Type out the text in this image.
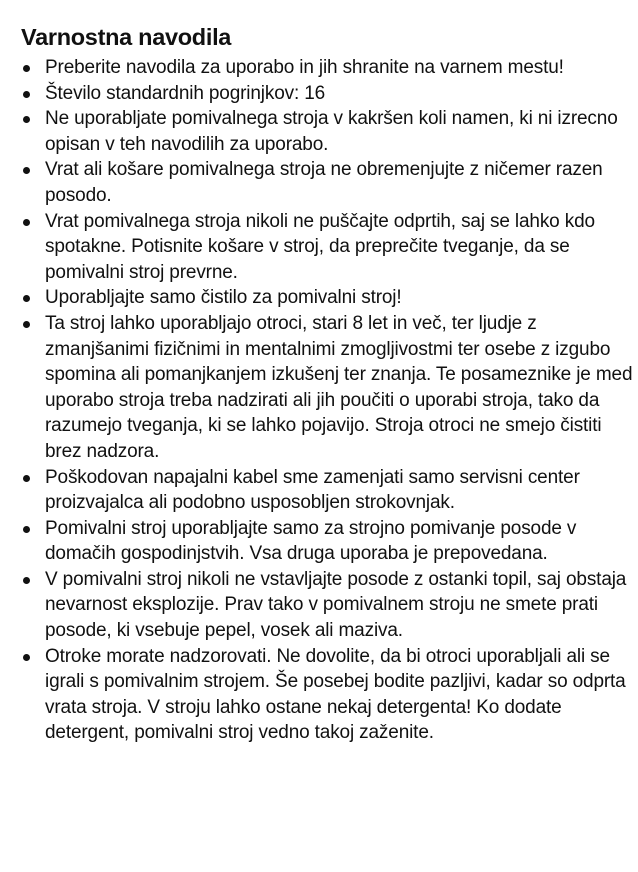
Varnostna navodila
Preberite navodila za uporabo in jih shranite na varnem mestu!
Število standardnih pogrinjkov: 16
Ne uporabljate pomivalnega stroja v kakršen koli namen, ki ni izrecno opisan v teh navodilih za uporabo.
Vrat ali košare pomivalnega stroja ne obremenjujte z ničemer razen posodo.
Vrat pomivalnega stroja nikoli ne puščajte odprtih, saj se lahko kdo spotakne. Potisnite košare v stroj, da preprečite tveganje, da se pomivalni stroj prevrne.
Uporabljajte samo čistilo za pomivalni stroj!
Ta stroj lahko uporabljajo otroci, stari 8 let in več, ter ljudje z zmanjšanimi fizičnimi in mentalnimi zmogljivostmi ter osebe z izgubo spomina ali pomanjkanjem izkušenj ter znanja. Te posameznike je med uporabo stroja treba nadzirati ali jih poučiti o uporabi stroja, tako da razumejo tveganja, ki se lahko pojavijo. Stroja otroci ne smejo čistiti brez nadzora.
Poškodovan napajalni kabel sme zamenjati samo servisni center proizvajalca ali podobno usposobljen strokovnjak.
Pomivalni stroj uporabljajte samo za strojno pomivanje posode v domačih gospodinjstvih. Vsa druga uporaba je prepovedana.
V pomivalni stroj nikoli ne vstavljajte posode z ostanki topil, saj obstaja nevarnost eksplozije. Prav tako v pomivalnem stroju ne smete prati posode, ki vsebuje pepel, vosek ali maziva.
Otroke morate nadzorovati. Ne dovolite, da bi otroci uporabljali ali se igrali s pomivalnim strojem. Še posebej bodite pazljivi, kadar so odprta vrata stroja. V stroju lahko ostane nekaj detergenta! Ko dodate detergent, pomivalni stroj vedno takoj zaženite.
